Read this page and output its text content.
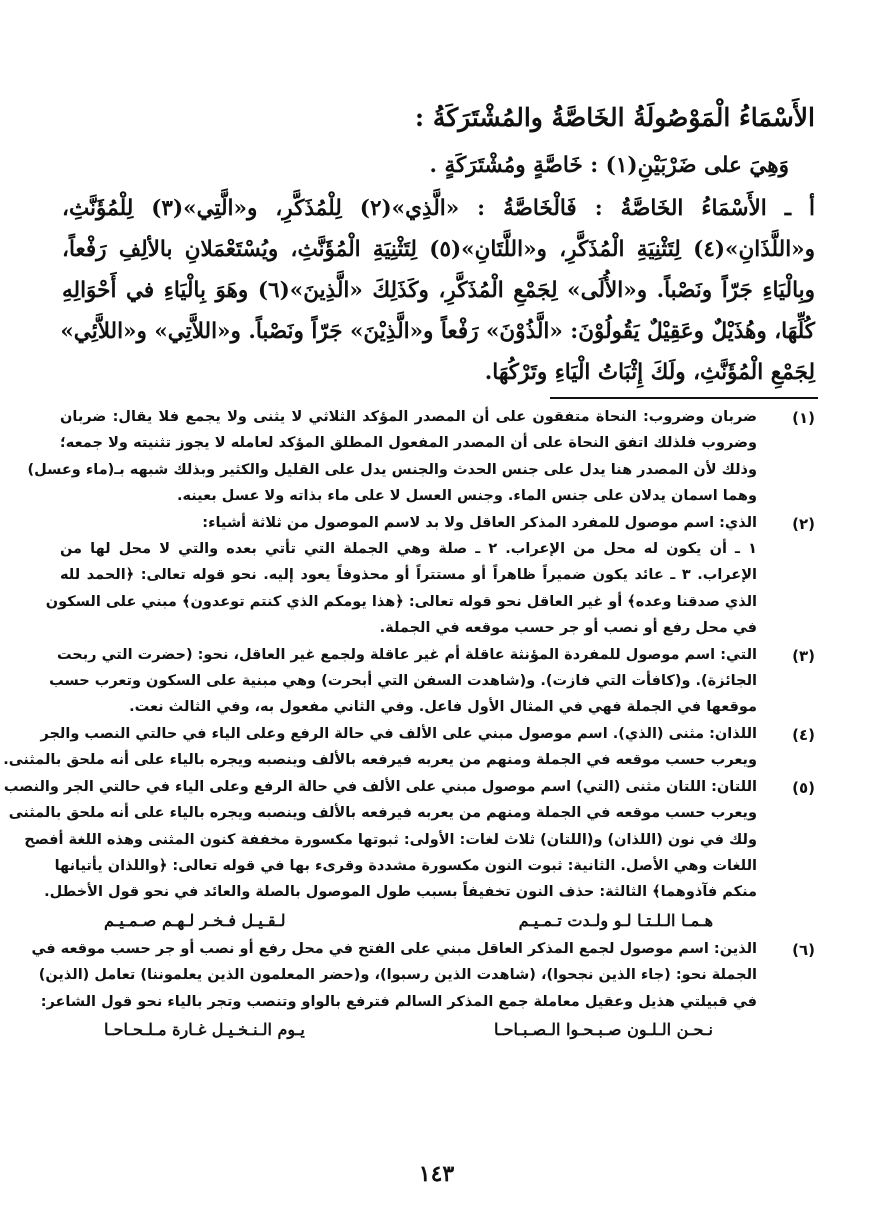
الأَسْمَاءُ الْمَوْصُولَةُ الخَاصَّةُ والمُشْتَرَكَةُ :

وَهِيَ على ضَرْبَيْنِ(١) : خَاصَّةٍ ومُشْتَرَكَةٍ .

أ ـ الأَسْمَاءُ الخَاصَّةُ : فَالْخَاصَّةُ : «الَّذِي»(٢) لِلْمُذَكَّرِ، و«الَّتِي»(٣) لِلْمُؤَنَّثِ،

و«اللَّذَانِ»(٤) لِتَثْنِيَةِ الْمُذَكَّرِ، و«اللَّتَانِ»(٥) لِتَثْنِيَةِ الْمُؤَنَّثِ، ويُسْتَعْمَلانِ بالألِفِ رَفْعاً،

وبِالْيَاءِ جَرّاً ونَصْباً. و«الأُلَى» لِجَمْعِ الْمُذَكَّرِ، وكَذَلِكَ «الَّذِينَ»(٦) وهَوَ بِالْيَاءِ في أَحْوَالِهِ

كُلِّهَا، وهُذَيْلٌ وعَقِيْلٌ يَقُولُوْنَ: «الَّذُوْنَ» رَفْعاً و«الَّذِيْنَ» جَرّاً ونَصْباً. و«اللاَّتِي» و«اللاَّئِي»

لِجَمْعِ الْمُؤَنَّثِ، ولَكَ إِثْبَاتُ الْيَاءِ وتَرْكُهَا.

(١)

ضربان وضروب: النحاة متفقون على أن المصدر المؤكد الثلاثي لا يثنى ولا يجمع فلا يقال: ضربان

وضروب فلذلك اتفق النحاة على أن المصدر المفعول المطلق المؤكد لعامله لا يجوز تثنيته ولا جمعه؛

وذلك لأن المصدر هنا يدل على جنس الحدث والجنس يدل على القليل والكثير وبذلك شبهه بـ(ماء وعسل)

وهما اسمان يدلان على جنس الماء. وجنس العسل لا على ماء بذاته ولا عسل بعينه.

(٢)

الذي: اسم موصول للمفرد المذكر العاقل ولا بد لاسم الموصول من ثلاثة أشياء:

١ ـ أن يكون له محل من الإعراب. ٢ ـ صلة وهي الجملة التي تأتي بعده والتي لا محل لها من

الإعراب. ٣ ـ عائد يكون ضميراً ظاهراً أو مستتراً أو محذوفاً يعود إليه. نحو قوله تعالى: ﴿الحمد لله

الذي صدقنا وعده﴾ أو غير العاقل نحو قوله تعالى: ﴿هذا يومكم الذي كنتم توعدون﴾ مبني على السكون

في محل رفع أو نصب أو جر حسب موقعه في الجملة.

(٣)

التي: اسم موصول للمفردة المؤنثة عاقلة أم غير عاقلة ولجمع غير العاقل، نحو: (حضرت التي ربحت

الجائزة). و(كافأت التي فازت). و(شاهدت السفن التي أبحرت) وهي مبنية على السكون وتعرب حسب

موقعها في الجملة فهي في المثال الأول فاعل. وفي الثاني مفعول به، وفي الثالث نعت.

(٤)

اللذان: مثنى (الذي). اسم موصول مبني على الألف في حالة الرفع وعلى الياء في حالتي النصب والجر

ويعرب حسب موقعه في الجملة ومنهم من يعربه فيرفعه بالألف وينصبه ويجره بالياء على أنه ملحق بالمثنى.

(٥)

اللتان: اللتان مثنى (التي) اسم موصول مبني على الألف في حالة الرفع وعلى الياء في حالتي الجر والنصب

ويعرب حسب موقعه في الجملة ومنهم من يعربه فيرفعه بالألف وينصبه ويجره بالياء على أنه ملحق بالمثنى

ولك في نون (اللذان) و(اللتان) ثلاث لغات: الأولى: ثبوتها مكسورة مخففة كنون المثنى وهذه اللغة أفصح

اللغات وهي الأصل. الثانية: ثبوت النون مكسورة مشددة وقرىء بها في قوله تعالى: ﴿واللذان يأتيانها

منكم فآذوهما﴾ الثالثة: حذف النون تخفيفاً بسبب طول الموصول بالصلة والعائد في نحو قول الأخطل.

هـمـا الـلـتـا لـو ولـدت تـمـيـم
لـقـيـل فـخـر لـهـم صـمـيـم
(٦)

الذين: اسم موصول لجمع المذكر العاقل مبني على الفتح في محل رفع أو نصب أو جر حسب موقعه في

الجملة نحو: (جاء الذين نجحوا)، (شاهدت الذين رسبوا)، و(حضر المعلمون الذين يعلموننا) تعامل (الذين)

في قبيلتي هذيل وعقيل معاملة جمع المذكر السالم فترفع بالواو وتنصب وتجر بالياء نحو قول الشاعر:

نـحـن الـلـون صـبـحـوا الـصـبـاحـا
يـوم الـنـخـيـل غـارة مـلـحـاحـا
١٤٣
